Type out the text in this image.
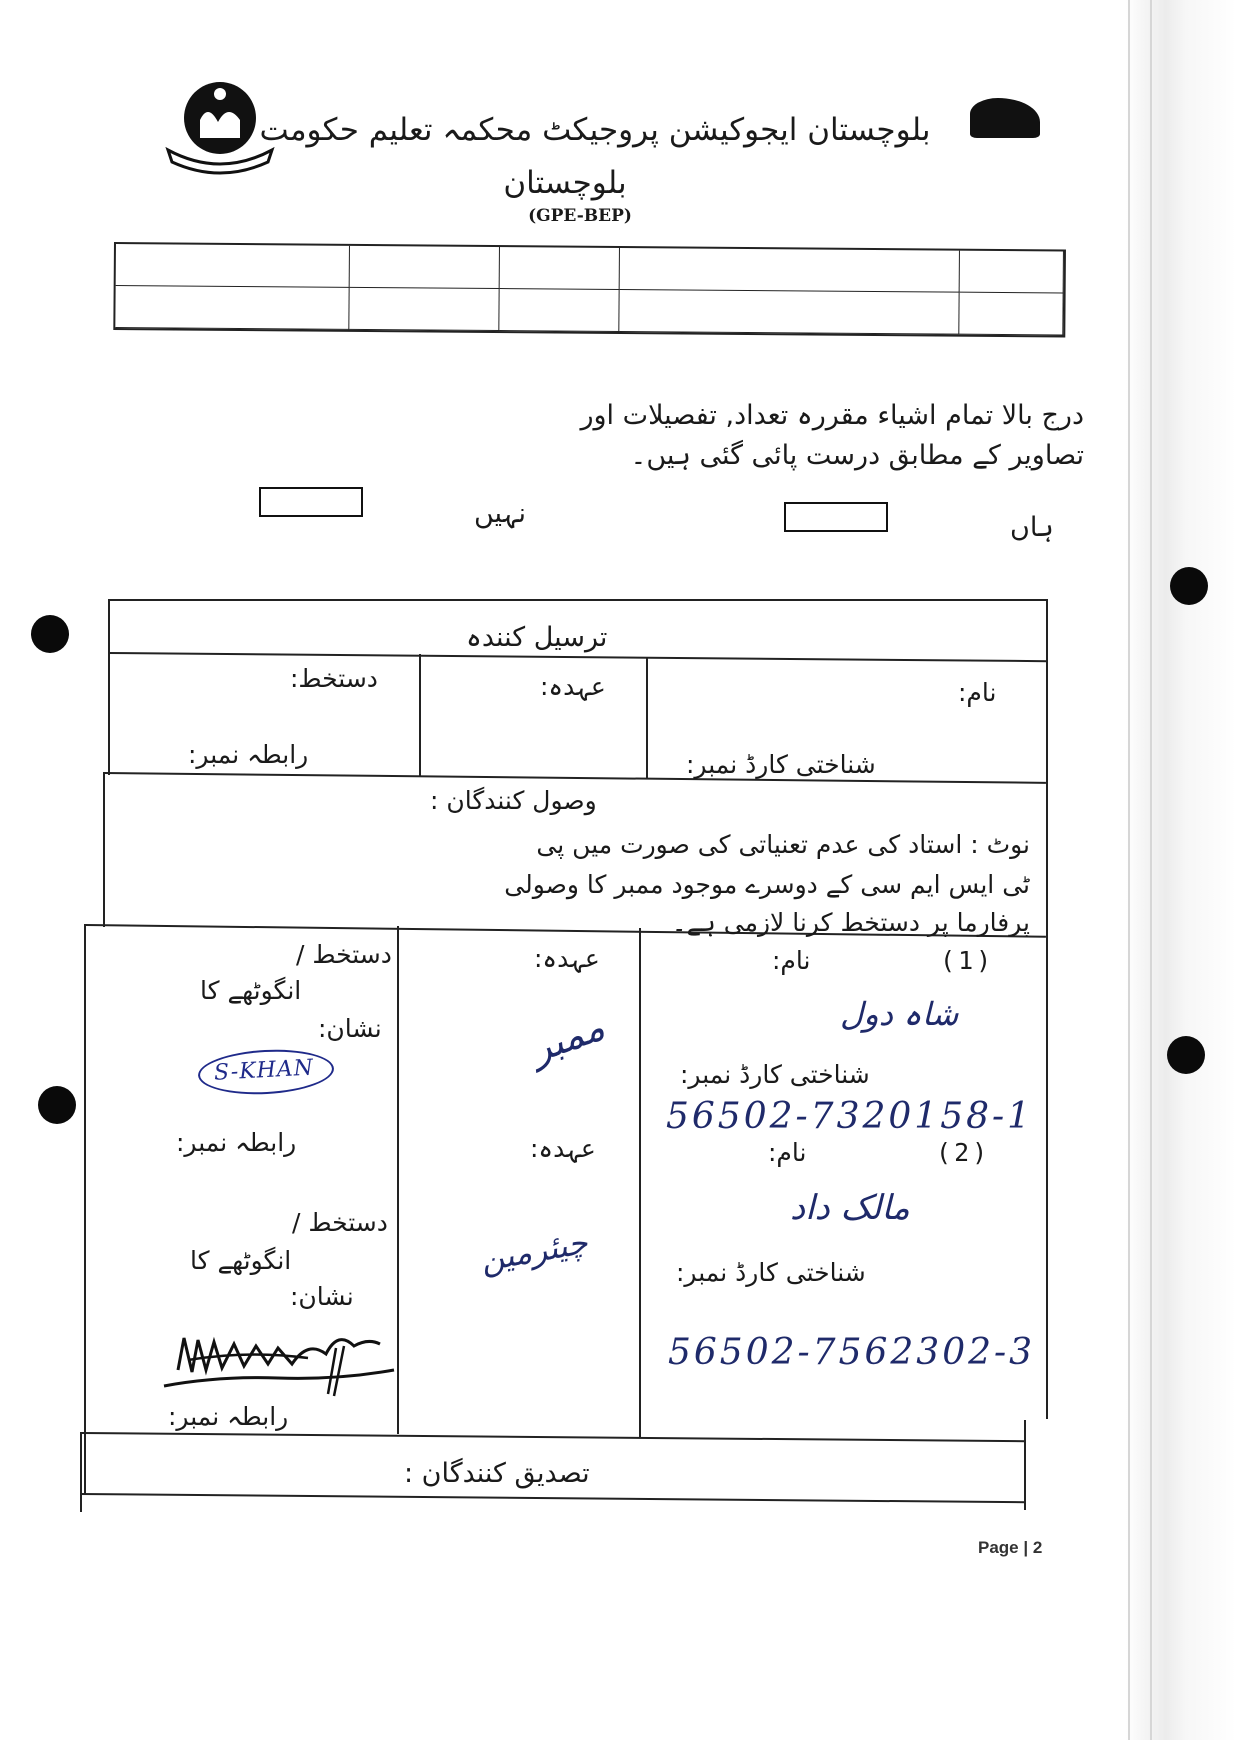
بلوچستان ایجوکیشن پروجیکٹ محکمہ تعلیم حکومت
بلوچستان
(GPE-BEP)
درج بالا تمام اشیاء مقررہ تعداد, تفصیلات اور
تصاویر کے مطابق درست پائی گئی ہیں۔
ہاں
نہیں
ترسیل کنندہ
نام:
عہدہ:
دستخط:
شناختی کارڈ نمبر:
رابطہ نمبر:
وصول کنندگان :
نوٹ : استاد کی عدم تعنیاتی کی صورت میں پی
ٹی ایس ایم سی کے دوسرے موجود ممبر کا وصولی
پرفارما پر دستخط کرنا لازمی ہے۔
(1)
نام:
شاہ دول
شناختی کارڈ نمبر:
56502-7320158-1
عہدہ:
ممبر
دستخط /
انگوٹھے کا
نشان:
S-KHAN
رابطہ نمبر:	(2)
نام:
مالک داد
شناختی کارڈ نمبر:
56502-7562302-3
عہدہ:
چیئرمین
دستخط /
انگوٹھے کا
نشان:
رابطہ نمبر:
تصدیق کنندگان :
Page | 2
